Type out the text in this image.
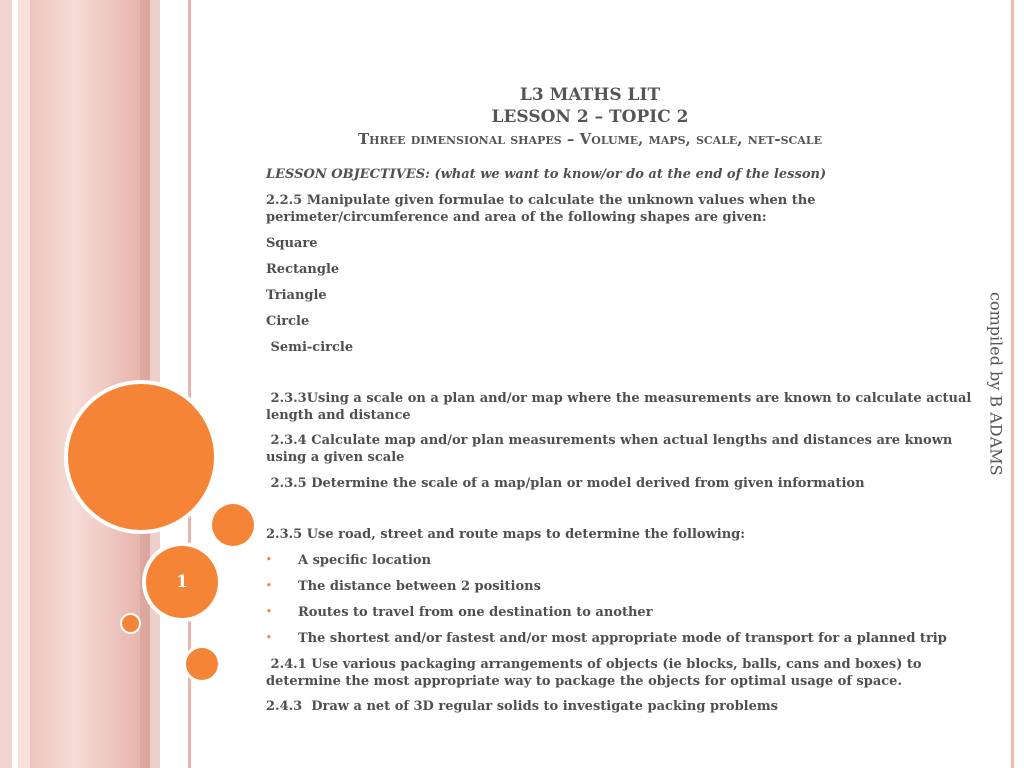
1
L3 MATHS LIT
LESSON 2 – TOPIC 2
Three dimensional shapes – Volume, maps, scale, net-scale

LESSON OBJECTIVES: (what we want to know/or do at the end of the lesson)

2.2.5 Manipulate given formulae to calculate the unknown values when the perimeter/circumference and area of the following shapes are given:

Square

Rectangle

Triangle

Circle

Semi-circle

2.3.3Using a scale on a plan and/or map where the measurements are known to calculate actual length and distance

2.3.4 Calculate map and/or plan measurements when actual lengths and distances are known using a given scale

2.3.5 Determine the scale of a map/plan or model derived from given information

2.3.5 Use road, street and route maps to determine the following:

•	A specific location
•	The distance between 2 positions
•	Routes to travel from one destination to another
•	The shortest and/or fastest and/or most appropriate mode of transport for a planned trip

2.4.1 Use various packaging arrangements of objects (ie blocks, balls, cans and boxes) to determine the most appropriate way to package the objects for optimal usage of space.

2.4.3  Draw a net of 3D regular solids to investigate packing problems

compiled by B ADAMS
